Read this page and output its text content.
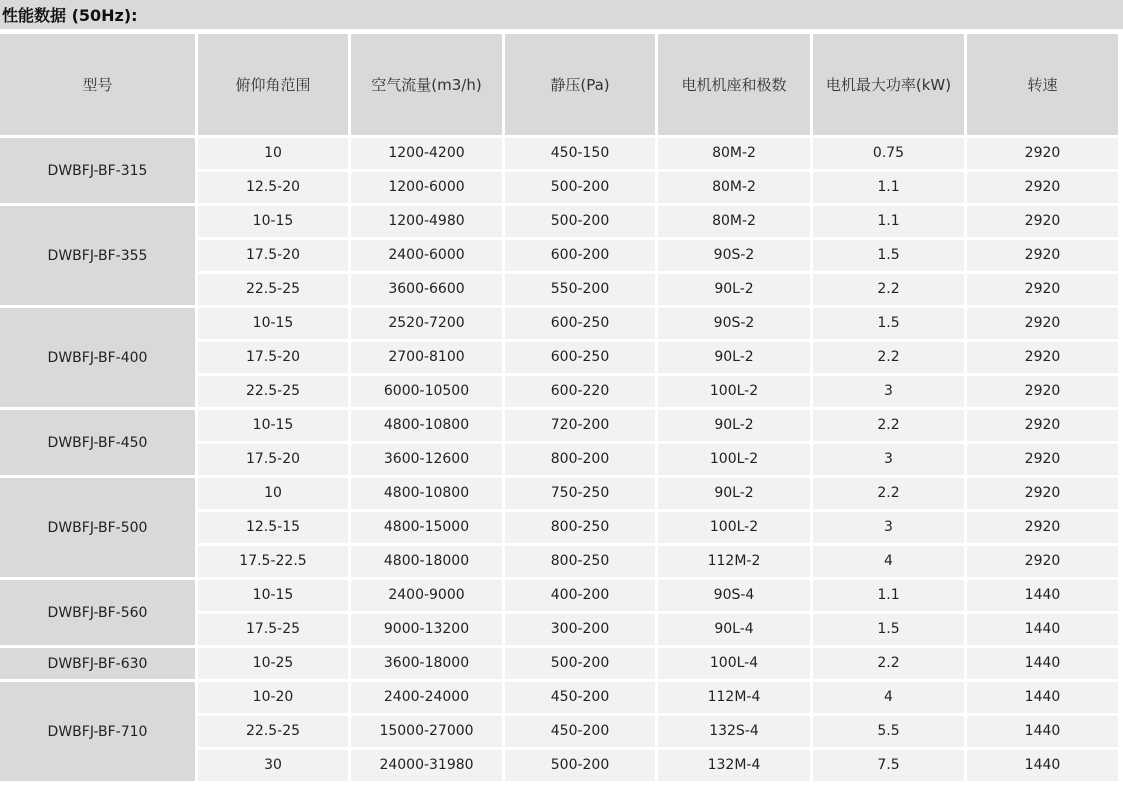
性能数据 (50Hz):
型号	俯仰角范围	空气流量(m3/h)	静压(Pa)	电机机座和极数	电机最大功率(kW)	转速
DWBFJ-BF-315	10	1200-4200	450-150	80M-2	0.75	2920
	12.5-20	1200-6000	500-200	80M-2	1.1	2920
DWBFJ-BF-355	10-15	1200-4980	500-200	80M-2	1.1	2920
	17.5-20	2400-6000	600-200	90S-2	1.5	2920
	22.5-25	3600-6600	550-200	90L-2	2.2	2920
DWBFJ-BF-400	10-15	2520-7200	600-250	90S-2	1.5	2920
	17.5-20	2700-8100	600-250	90L-2	2.2	2920
	22.5-25	6000-10500	600-220	100L-2	3	2920
DWBFJ-BF-450	10-15	4800-10800	720-200	90L-2	2.2	2920
	17.5-20	3600-12600	800-200	100L-2	3	2920
DWBFJ-BF-500	10	4800-10800	750-250	90L-2	2.2	2920
	12.5-15	4800-15000	800-250	100L-2	3	2920
	17.5-22.5	4800-18000	800-250	112M-2	4	2920
DWBFJ-BF-560	10-15	2400-9000	400-200	90S-4	1.1	1440
	17.5-25	9000-13200	300-200	90L-4	1.5	1440
DWBFJ-BF-630	10-25	3600-18000	500-200	100L-4	2.2	1440
DWBFJ-BF-710	10-20	2400-24000	450-200	112M-4	4	1440
	22.5-25	15000-27000	450-200	132S-4	5.5	1440
	30	24000-31980	500-200	132M-4	7.5	1440
